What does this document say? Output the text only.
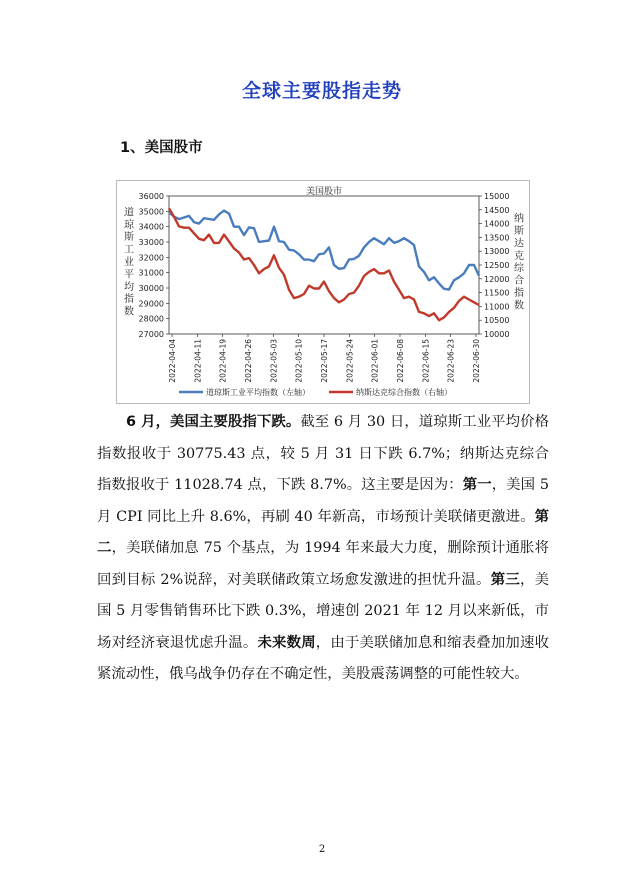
全球主要股指走势
1、美国股市
美国股市
27000
28000
29000
30000
31000
32000
33000
34000
35000
36000
10000
10500
11000
11500
12000
12500
13000
13500
14000
14500
15000
道
琼
斯
工
业
平
均
指
数
纳
斯
达
克
综
合
指
数
2022-04-04 2022-04-11 2022-04-19 2022-04-26 2022-05-03 2022-05-10 2022-05-17 2022-05-24 2022-06-01 2022-06-08 2022-06-15 2022-06-23 2022-06-30
道琼斯工业平均指数（左轴）	纳斯达克综合指数（右轴）

6 月，美国主要股指下跌。截至 6 月 30 日，道琼斯工业平均价格指数报收于 30775.43 点，较 5 月 31 日下跌 6.7%；纳斯达克综合指数报收于 11028.74 点，下跌 8.7%。这主要是因为：第一，美国 5 月 CPI 同比上升 8.6%，再刷 40 年新高，市场预计美联储更激进。第二，美联储加息 75 个基点，为 1994 年来最大力度，删除预计通胀将回到目标 2%说辞，对美联储政策立场愈发激进的担忧升温。第三，美国 5 月零售销售环比下跌 0.3%，增速创 2021 年 12 月以来新低，市场对经济衰退忧虑升温。未来数周，由于美联储加息和缩表叠加加速收紧流动性，俄乌战争仍存在不确定性，美股震荡调整的可能性较大。

2
